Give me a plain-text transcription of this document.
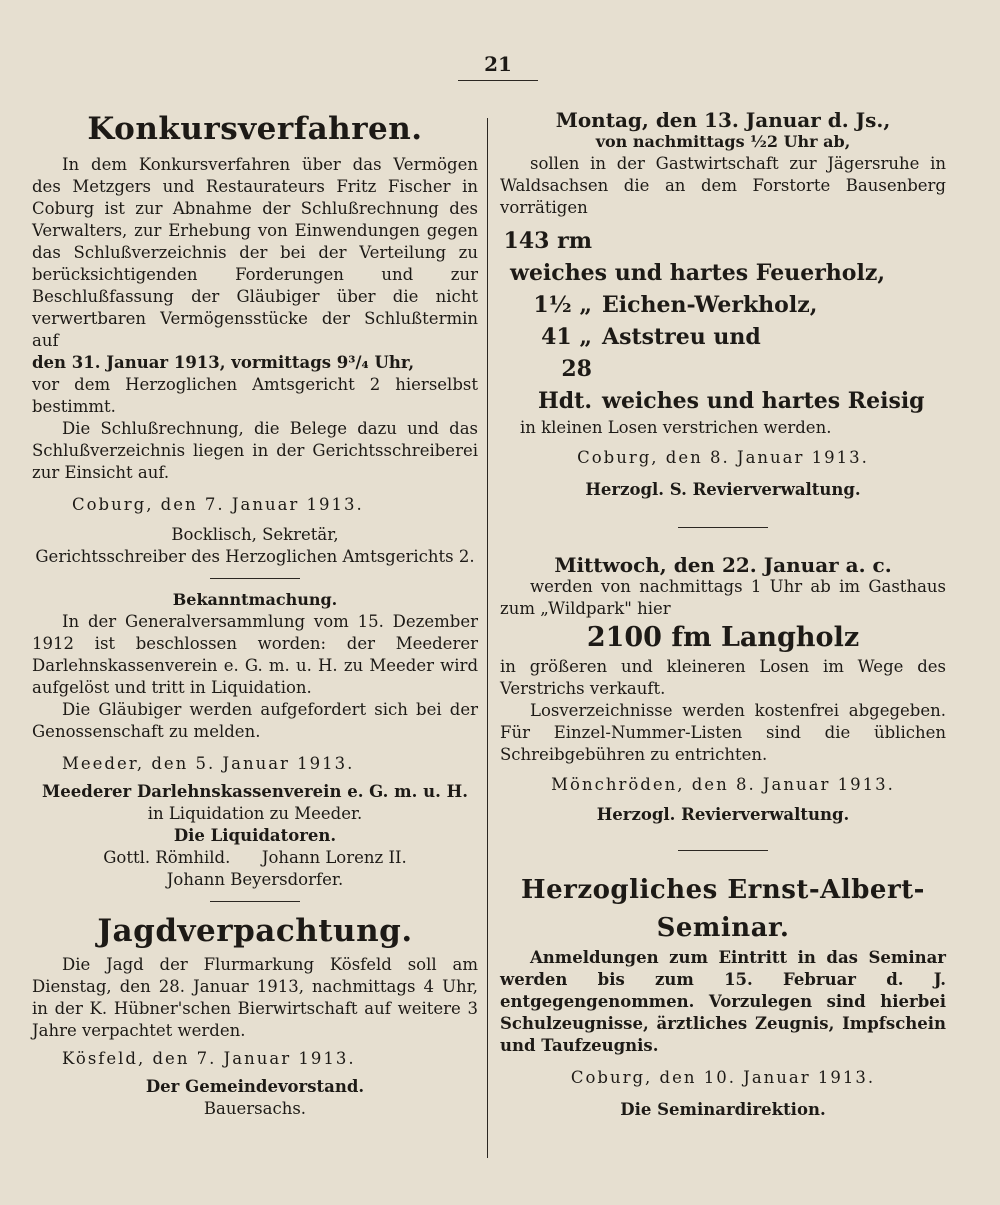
21
Konkursverfahren.

In dem Konkursverfahren über das Vermögen des Metzgers und Restaurateurs Fritz Fischer in Coburg ist zur Abnahme der Schlußrechnung des Verwalters, zur Erhebung von Einwendungen gegen das Schlußverzeichnis der bei der Verteilung zu berücksichtigenden Forderungen und zur Beschlußfassung der Gläubiger über die nicht verwertbaren Vermögensstücke der Schlußtermin auf

den 31. Januar 1913, vormittags 9³/₄ Uhr,

vor dem Herzoglichen Amtsgericht 2 hierselbst bestimmt.

Die Schlußrechnung, die Belege dazu und das Schlußverzeichnis liegen in der Gerichtsschreiberei zur Einsicht auf.

Coburg, den 7. Januar 1913.

Bocklisch, Sekretär,

Gerichtsschreiber des Herzoglichen Amtsgerichts 2.

Bekanntmachung.

In der Generalversammlung vom 15. Dezember 1912 ist beschlossen worden: der Meederer Darlehnskassenverein e. G. m. u. H. zu Meeder wird aufgelöst und tritt in Liquidation.

Die Gläubiger werden aufgefordert sich bei der Genossenschaft zu melden.

Meeder, den 5. Januar 1913.

Meederer Darlehnskassenverein e. G. m. u. H.

in Liquidation zu Meeder.

Die Liquidatoren.

Gottl. Römhild.      Johann Lorenz II.

Johann Beyersdorfer.

Jagdverpachtung.

Die Jagd der Flurmarkung Kösfeld soll am Dienstag, den 28. Januar 1913, nachmittags 4 Uhr, in der K. Hübner'schen Bierwirtschaft auf weitere 3 Jahre verpachtet werden.

Kösfeld, den 7. Januar 1913.

Der Gemeindevorstand.

Bauersachs.

Montag, den 13. Januar d. Js.,
von nachmittags ½2 Uhr ab,

sollen in der Gastwirtschaft zur Jägersruhe in Waldsachsen die an dem Forstorte Bausenberg vorrätigen

143 rmweiches und hartes Feuerholz,
1½ „ Eichen-Werkholz,
41 „ Aststreu und
28 Hdt. weiches und hartes Reisig

in kleinen Losen verstrichen werden.

Coburg, den 8. Januar 1913.

Herzogl. S. Revierverwaltung.

Mittwoch, den 22. Januar a. c.

werden von nachmittags 1 Uhr ab im Gasthaus zum „Wildpark" hier

2100 fm Langholz

in größeren und kleineren Losen im Wege des Verstrichs verkauft.

Losverzeichnisse werden kostenfrei abgegeben. Für Einzel-Nummer-Listen sind die üblichen Schreibgebühren zu entrichten.

Mönchröden, den 8. Januar 1913.

Herzogl. Revierverwaltung.

Herzogliches Ernst-Albert-Seminar.

Anmeldungen zum Eintritt in das Seminar werden bis zum 15. Februar d. J. entgegengenommen. Vorzulegen sind hierbei Schulzeugnisse, ärztliches Zeugnis, Impfschein und Taufzeugnis.

Coburg, den 10. Januar 1913.

Die Seminardirektion.
